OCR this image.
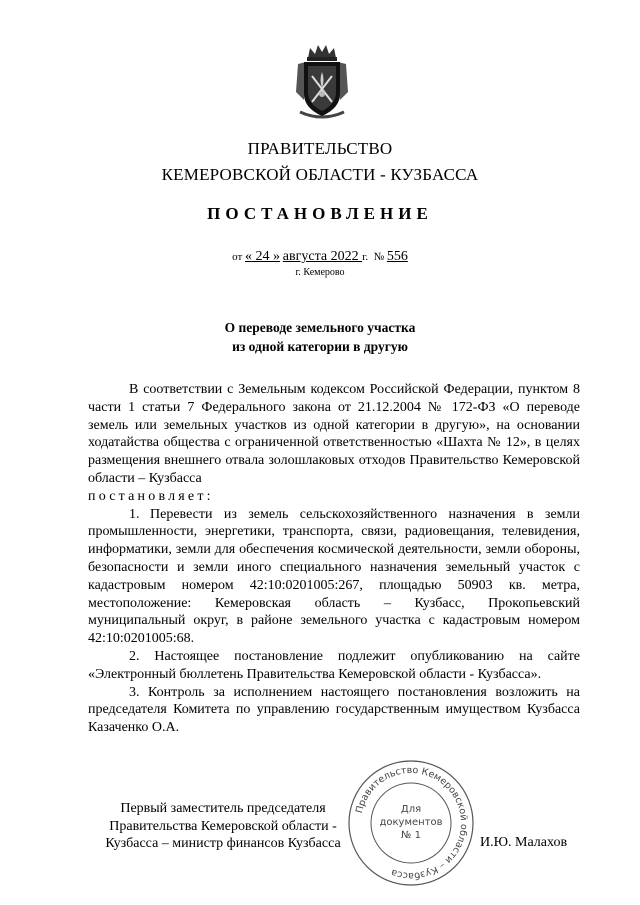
ПРАВИТЕЛЬСТВО
КЕМЕРОВСКОЙ ОБЛАСТИ - КУЗБАССА
ПОСТАНОВЛЕНИЕ
от « 24 » августа 2022 г. № 556
г. Кемерово
О переводе земельного участка
из одной категории в другую

В соответствии с Земельным кодексом Российской Федерации, пунктом 8 части 1 статьи 7 Федерального закона от 21.12.2004 № 172-ФЗ «О переводе земель или земельных участков из одной категории в другую», на основании ходатайства общества с ограниченной ответственностью «Шахта № 12», в целях размещения внешнего отвала золошлаковых отходов Правительство Кемеровской области – Кузбасса

постановляет:

1. Перевести из земель сельскохозяйственного назначения в земли промышленности, энергетики, транспорта, связи, радиовещания, телевидения, информатики, земли для обеспечения космической деятельности, земли обороны, безопасности и земли иного специального назначения земельный участок с кадастровым номером 42:10:0201005:267, площадью 50903 кв. метра, местоположение: Кемеровская область – Кузбасс, Прокопьевский муниципальный округ, в районе земельного участка с кадастровым номером 42:10:0201005:68.

2. Настоящее постановление подлежит опубликованию на сайте «Электронный бюллетень Правительства Кемеровской области - Кузбасса».

3. Контроль за исполнением настоящего постановления возложить на председателя Комитета по управлению государственным имуществом Кузбасса Казаченко О.А.

Первый заместитель председателя
Правительства Кемеровской области -
Кузбасса – министр финансов Кузбасса
Правительство Кемеровской области – Кузбасса
Для
документов
№ 1	И.Ю. Малахов
